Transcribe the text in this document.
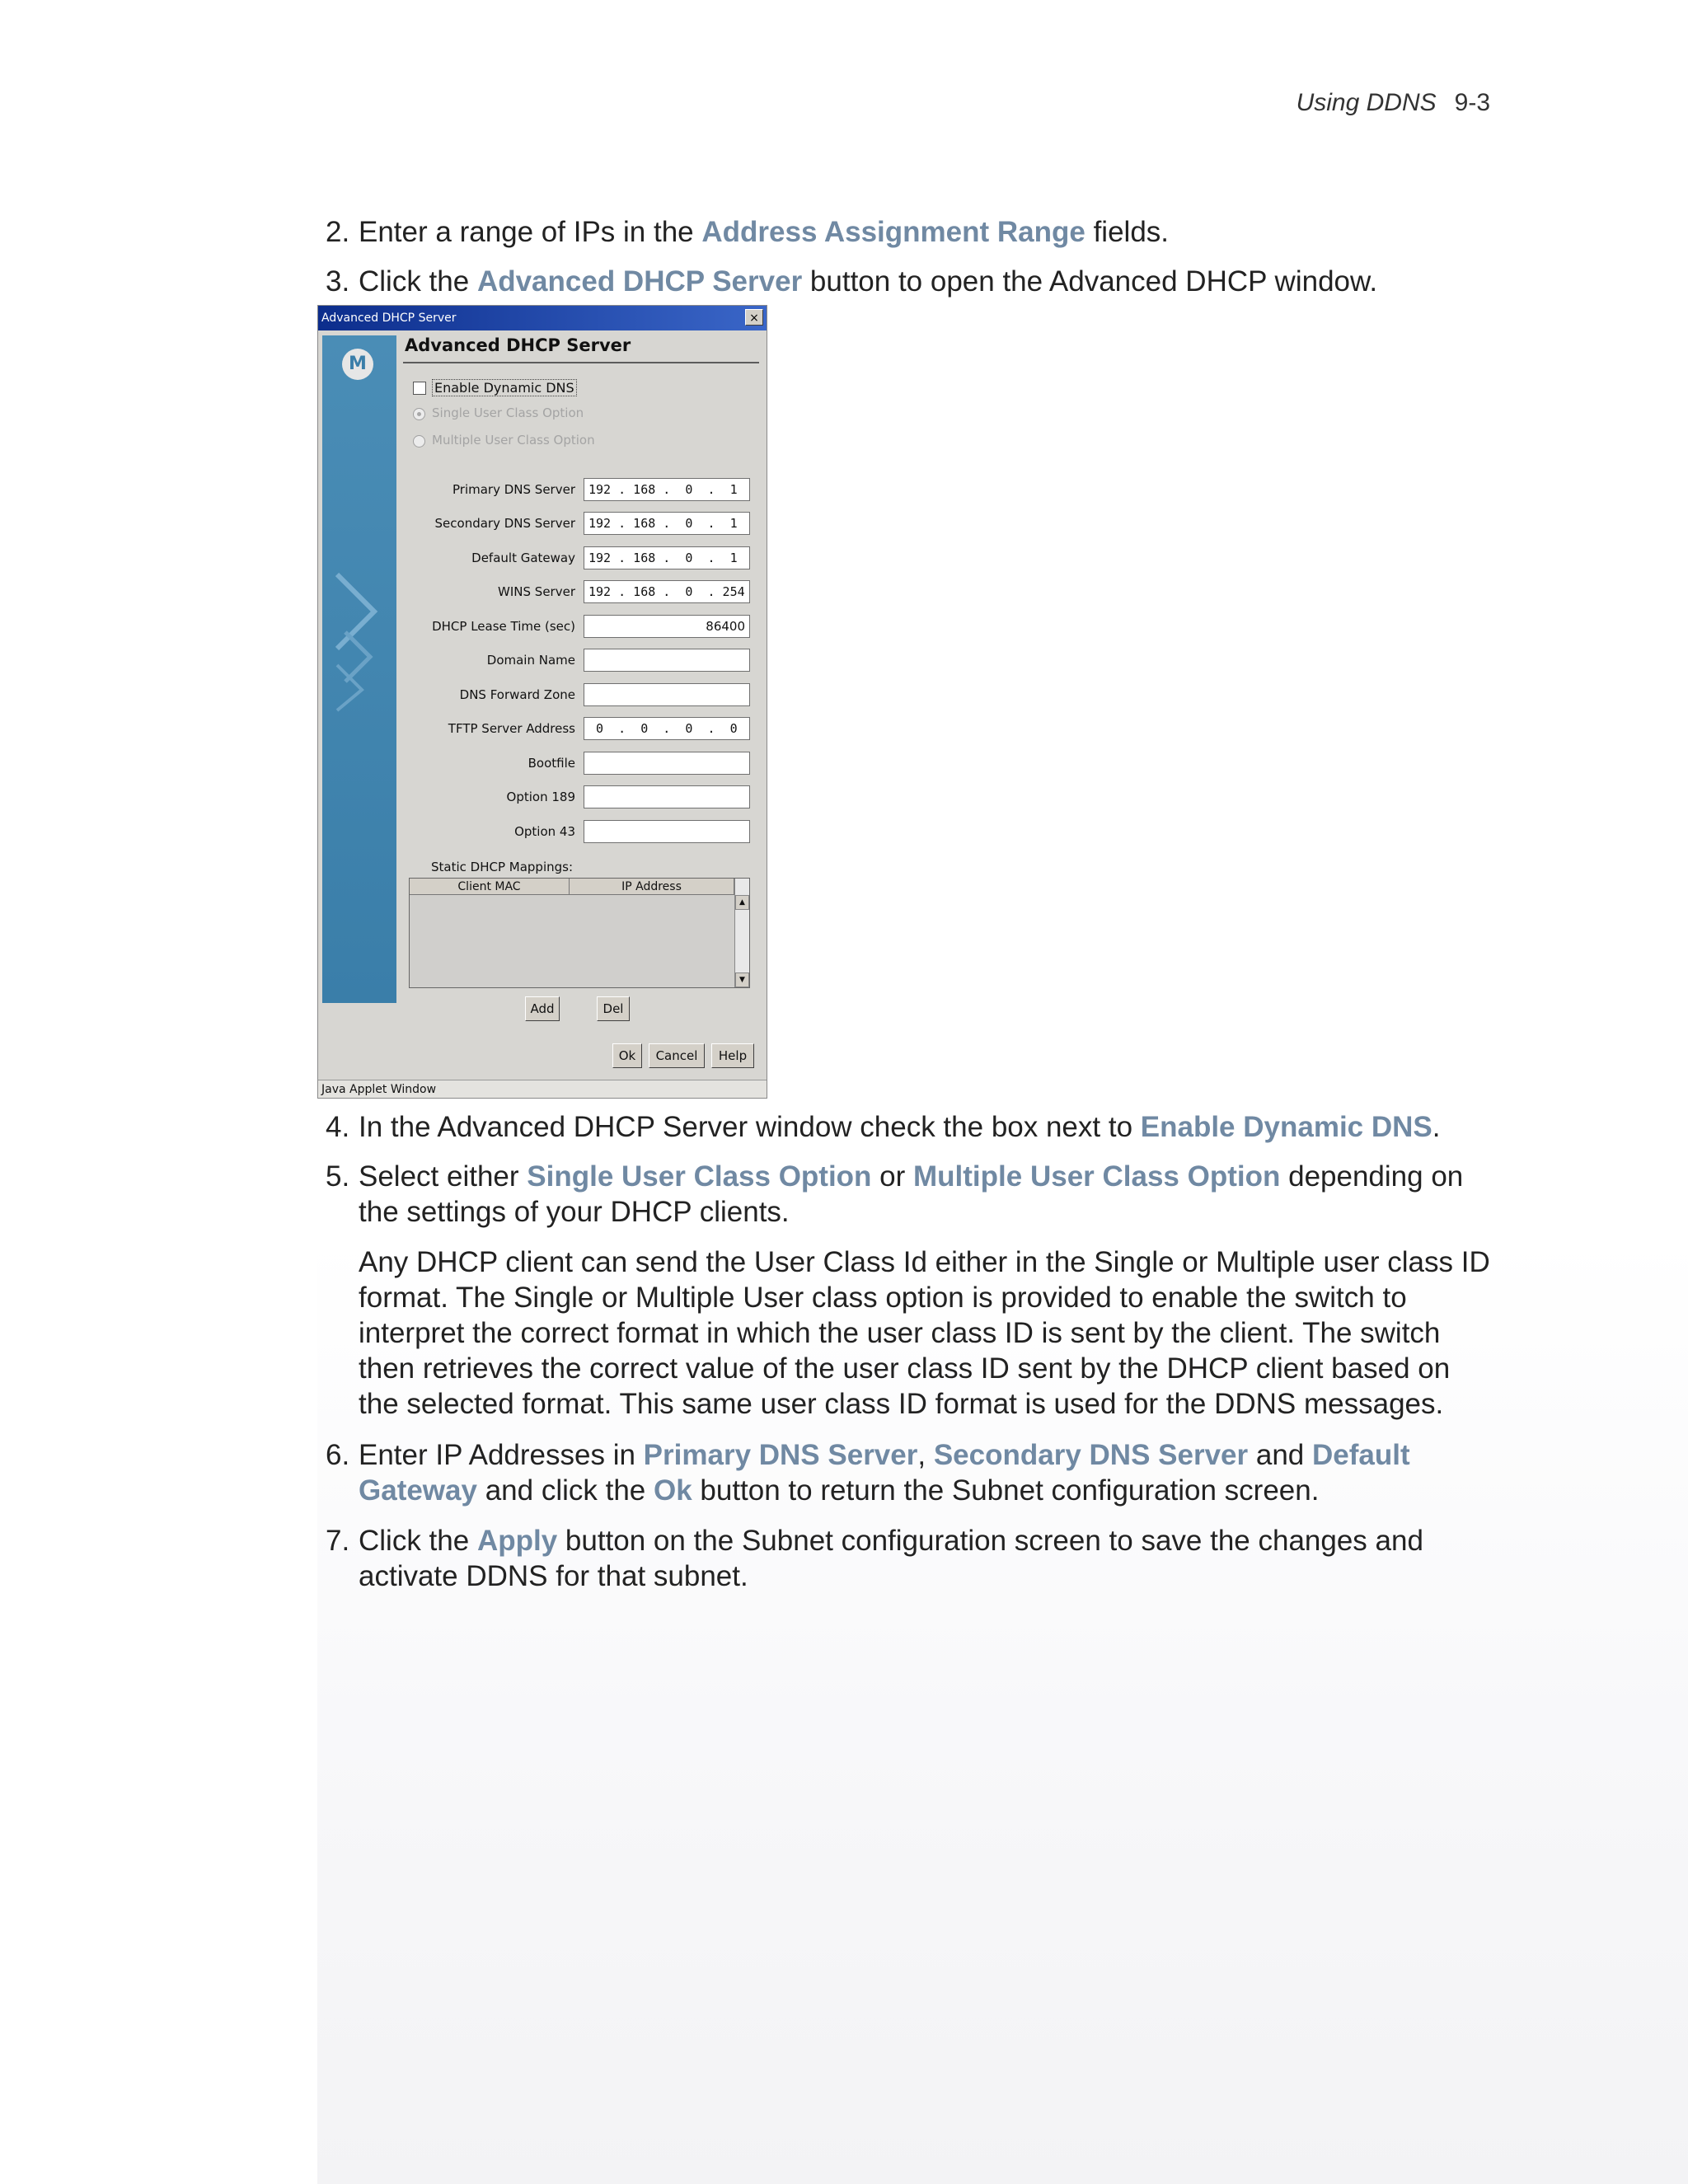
Using DDNS 9-3
2. Enter a range of IPs in the Address Assignment Range fields.
3. Click the Advanced DHCP Server button to open the Advanced DHCP window.
Advanced DHCP Server	×
M
Advanced DHCP Server
Enable Dynamic DNS
Single User Class Option
Multiple User Class Option
Primary DNS Server	192 . 168 .  0  .  1
Secondary DNS Server	192 . 168 .  0  .  1
Default Gateway	192 . 168 .  0  .  1
WINS Server	192 . 168 .  0  . 254
DHCP Lease Time (sec)	86400
Domain Name
DNS Forward Zone
TFTP Server Address	0  .  0  .  0  .  0
Bootfile
Option 189
Option 43
Static DHCP Mappings:
Client MAC	IP Address
▲
▼
Add	Del
Ok	Cancel	Help
Java Applet Window
4. In the Advanced DHCP Server window check the box next to Enable Dynamic DNS.
5. Select either Single User Class Option or Multiple User Class Option depending on the settings of your DHCP clients.
Any DHCP client can send the User Class Id either in the Single or Multiple user class ID format. The Single or Multiple User class option is provided to enable the switch to interpret the correct format in which the user class ID is sent by the client. The switch then retrieves the correct value of the user class ID sent by the DHCP client based on the selected format. This same user class ID format is used for the DDNS messages.
6. Enter IP Addresses in Primary DNS Server, Secondary DNS Server and Default Gateway and click the Ok button to return the Subnet configuration screen.
7. Click the Apply button on the Subnet configuration screen to save the changes and activate DDNS for that subnet.
